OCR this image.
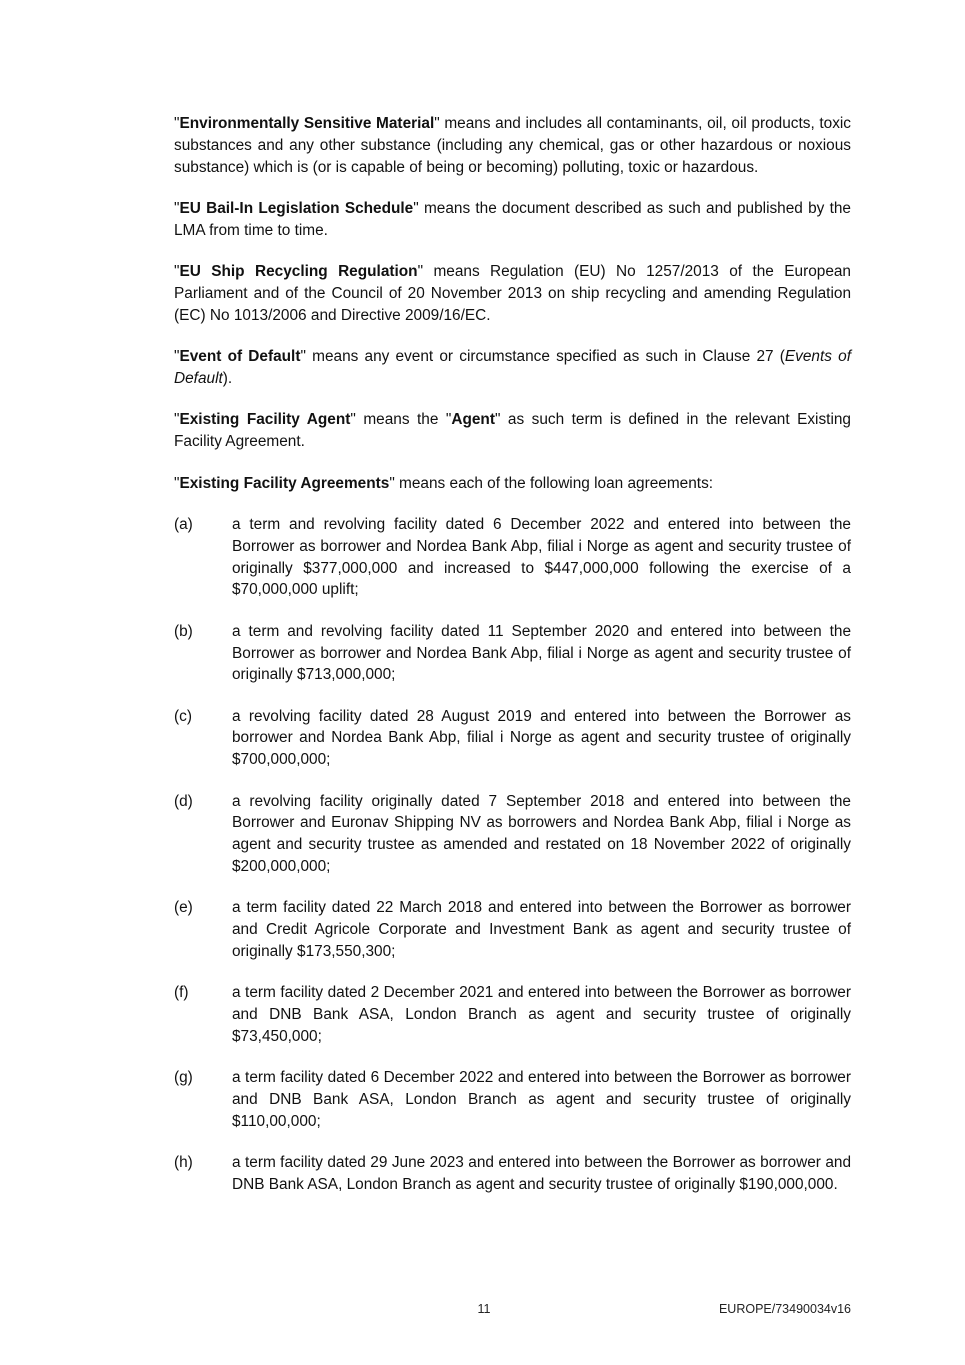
"Environmentally Sensitive Material" means and includes all contaminants, oil, oil products, toxic substances and any other substance (including any chemical, gas or other hazardous or noxious substance) which is (or is capable of being or becoming) polluting, toxic or hazardous.

"EU Bail-In Legislation Schedule" means the document described as such and published by the LMA from time to time.

"EU Ship Recycling Regulation" means Regulation (EU) No 1257/2013 of the European Parliament and of the Council of 20 November 2013 on ship recycling and amending Regulation (EC) No 1013/2006 and Directive 2009/16/EC.

"Event of Default" means any event or circumstance specified as such in Clause 27 (Events of Default).

"Existing Facility Agent" means the "Agent" as such term is defined in the relevant Existing Facility Agreement.

"Existing Facility Agreements" means each of the following loan agreements:

(a)	a term and revolving facility dated 6 December 2022 and entered into between the Borrower as borrower and Nordea Bank Abp, filial i Norge as agent and security trustee of originally $377,000,000 and increased to $447,000,000 following the exercise of a $70,000,000 uplift;
(b)	a term and revolving facility dated 11 September 2020 and entered into between the Borrower as borrower and Nordea Bank Abp, filial i Norge as agent and security trustee of originally $713,000,000;
(c)	a revolving facility dated 28 August 2019 and entered into between the Borrower as borrower and Nordea Bank Abp, filial i Norge as agent and security trustee of originally $700,000,000;
(d)	a revolving facility originally dated 7 September 2018 and entered into between the Borrower and Euronav Shipping NV as borrowers and Nordea Bank Abp, filial i Norge as agent and security trustee as amended and restated on 18 November 2022 of originally $200,000,000;
(e)	a term facility dated 22 March 2018 and entered into between the Borrower as borrower and Credit Agricole Corporate and Investment Bank as agent and security trustee of originally $173,550,300;
(f)	a term facility dated 2 December 2021 and entered into between the Borrower as borrower and DNB Bank ASA, London Branch as agent and security trustee of originally $73,450,000;
(g)	a term facility dated 6 December 2022 and entered into between the Borrower as borrower and DNB Bank ASA, London Branch as agent and security trustee of originally $110,00,000;
(h)	a term facility dated 29 June 2023 and entered into between the Borrower as borrower and DNB Bank ASA, London Branch as agent and security trustee of originally $190,000,000.
11	EUROPE/73490034v16
